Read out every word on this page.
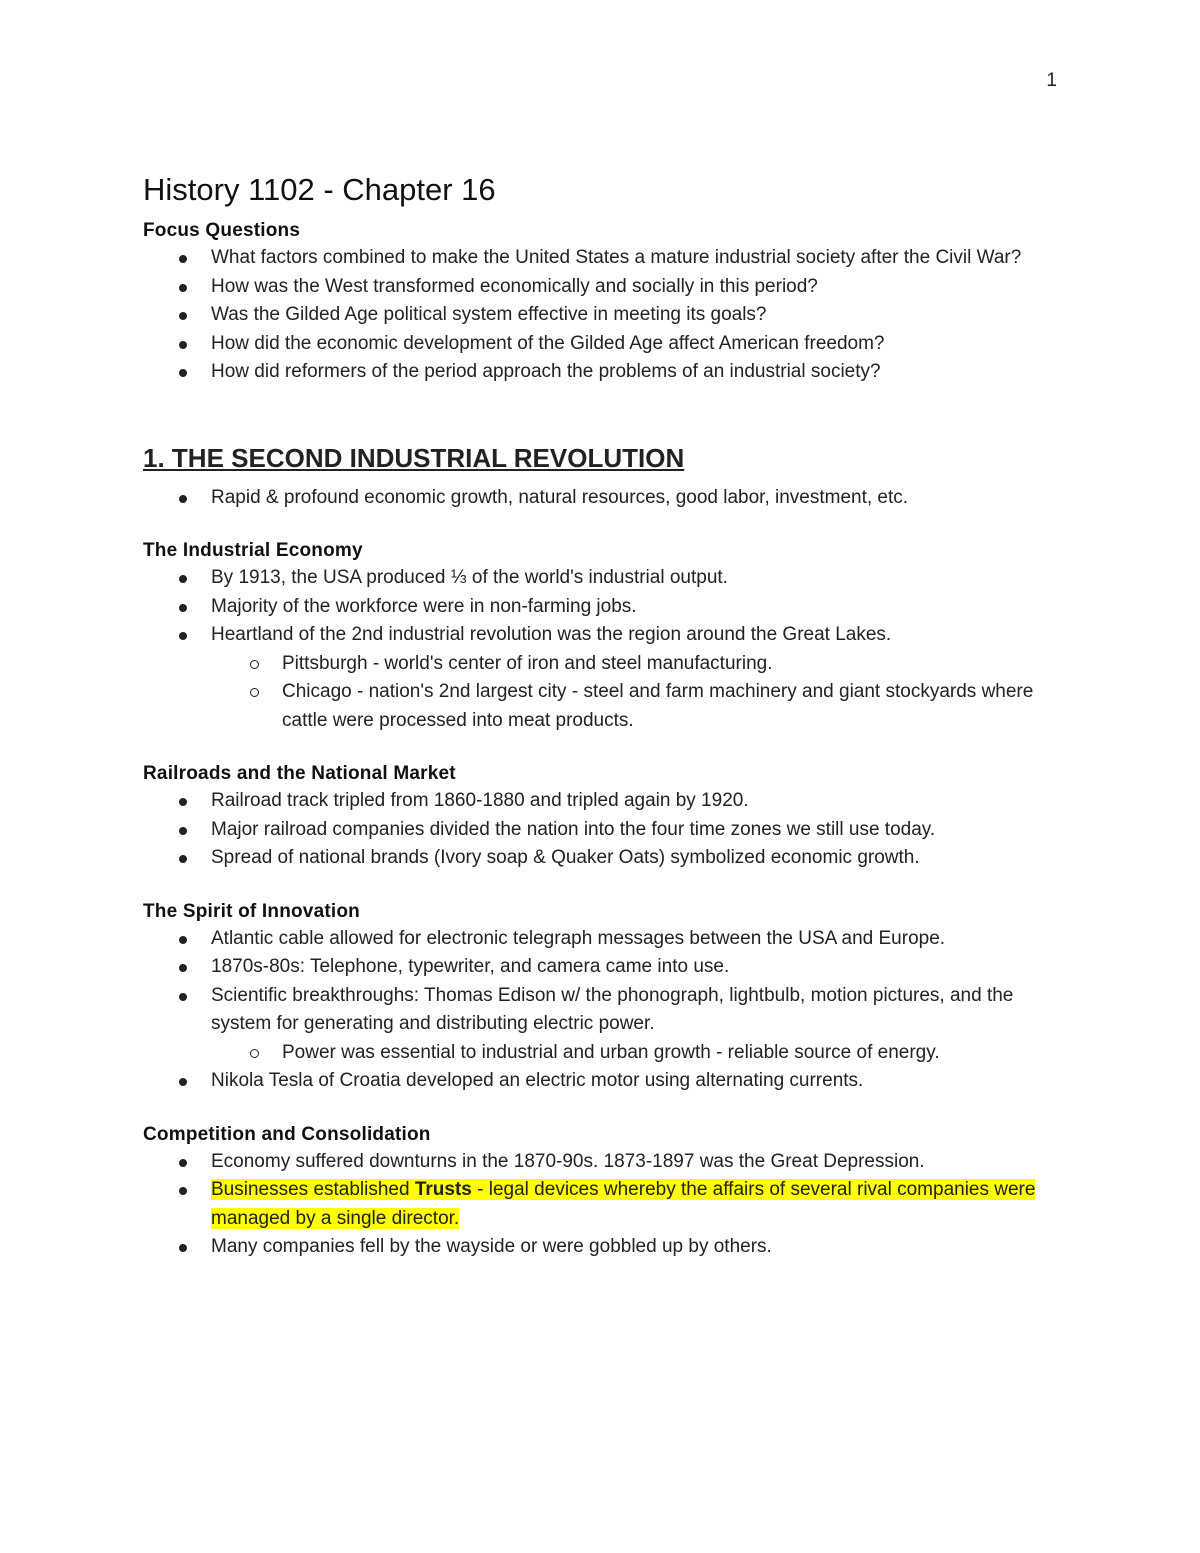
1
History 1102 - Chapter 16
Focus Questions
What factors combined to make the United States a mature industrial society after the Civil War?
How was the West transformed economically and socially in this period?
Was the Gilded Age political system effective in meeting its goals?
How did the economic development of the Gilded Age affect American freedom?
How did reformers of the period approach the problems of an industrial society?
1. THE SECOND INDUSTRIAL REVOLUTION
Rapid & profound economic growth, natural resources, good labor, investment, etc.
The Industrial Economy
By 1913, the USA produced ⅓ of the world's industrial output.
Majority of the workforce were in non-farming jobs.
Heartland of the 2nd industrial revolution was the region around the Great Lakes.
Pittsburgh - world's center of iron and steel manufacturing.
Chicago - nation's 2nd largest city - steel and farm machinery and giant stockyards where cattle were processed into meat products.
Railroads and the National Market
Railroad track tripled from 1860-1880 and tripled again by 1920.
Major railroad companies divided the nation into the four time zones we still use today.
Spread of national brands (Ivory soap & Quaker Oats) symbolized economic growth.
The Spirit of Innovation
Atlantic cable allowed for electronic telegraph messages between the USA and Europe.
1870s-80s: Telephone, typewriter, and camera came into use.
Scientific breakthroughs: Thomas Edison w/ the phonograph, lightbulb, motion pictures, and the system for generating and distributing electric power.
Power was essential to industrial and urban growth - reliable source of energy.
Nikola Tesla of Croatia developed an electric motor using alternating currents.
Competition and Consolidation
Economy suffered downturns in the 1870-90s. 1873-1897 was the Great Depression.
Businesses established Trusts - legal devices whereby the affairs of several rival companies were managed by a single director.
Many companies fell by the wayside or were gobbled up by others.
